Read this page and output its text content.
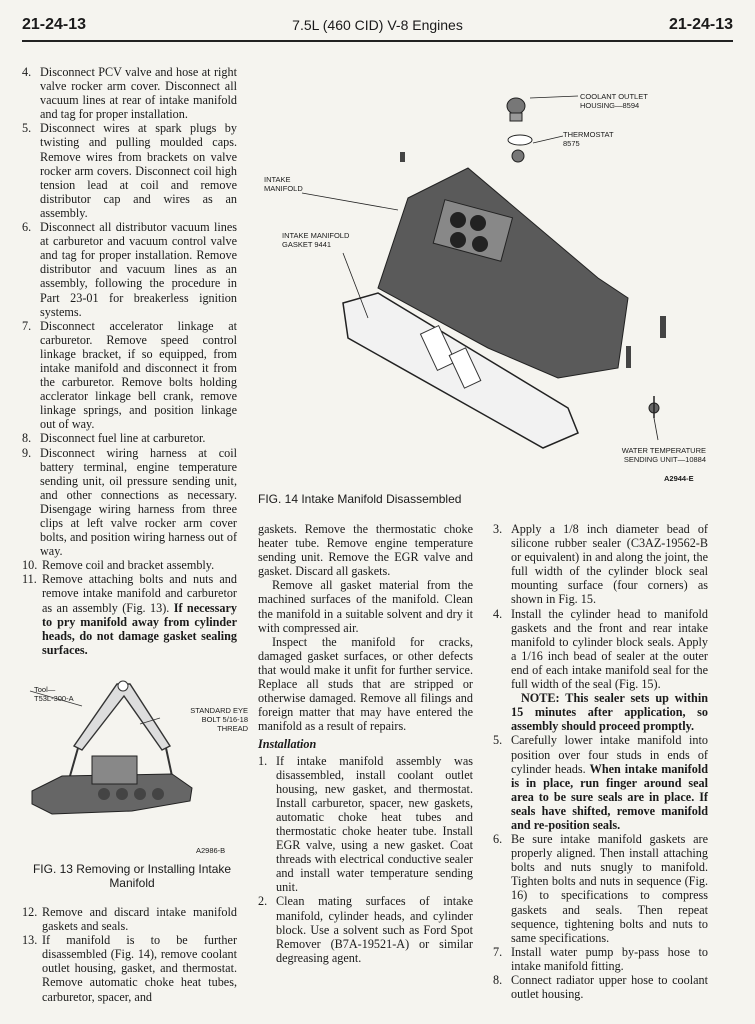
21-24-13	7.5L (460 CID) V-8 Engines	21-24-13
4. Disconnect PCV valve and hose at right valve rocker arm cover. Disconnect all vacuum lines at rear of intake manifold and tag for proper installation.
5. Disconnect wires at spark plugs by twisting and pulling moulded caps. Remove wires from brackets on valve rocker arm covers. Disconnect coil high tension lead at coil and remove distributor cap and wires as an assembly.
6. Disconnect all distributor vacuum lines at carburetor and vacuum control valve and tag for proper installation. Remove distributor and vacuum lines as an assembly, following the procedure in Part 23-01 for breakerless ignition systems.
7. Disconnect accelerator linkage at carburetor. Remove speed control linkage bracket, if so equipped, from intake manifold and disconnect it from the carburetor. Remove bolts holding acclerator linkage bell crank, remove linkage springs, and position linkage out of way.
8. Disconnect fuel line at carburetor.
9. Disconnect wiring harness at coil battery terminal, engine temperature sending unit, oil pressure sending unit, and other connections as necessary. Disengage wiring harness from three clips at left valve rocker arm cover bolts, and position wiring harness out of way.
10. Remove coil and bracket assembly.
11. Remove attaching bolts and nuts and remove intake manifold and carburetor as an assembly (Fig. 13). If necessary to pry manifold away from cylinder heads, do not damage gasket sealing surfaces.
Tool—
T53L-300-A
STANDARD EYE
BOLT 5/16-18
THREAD
A2986-B
FIG. 13 Removing or Installing Intake
Manifold
12. Remove and discard intake manifold gaskets and seals.
13. If manifold is to be further disassembled (Fig. 14), remove coolant outlet housing, gasket, and thermostat. Remove automatic choke heat tubes, carburetor, spacer, and
COOLANT OUTLET
HOUSING—8594
THERMOSTAT
8575
INTAKE
MANIFOLD
INTAKE MANIFOLD
GASKET 9441
WATER TEMPERATURE
SENDING UNIT—10884
A2944-E
FIG. 14 Intake Manifold Disassembled

gaskets. Remove the thermostatic choke heater tube. Remove engine temperature sending unit. Remove the EGR valve and gasket. Discard all gaskets.

Remove all gasket material from the machined surfaces of the manifold. Clean the manifold in a suitable solvent and dry it with compressed air.

Inspect the manifold for cracks, damaged gasket surfaces, or other defects that would make it unfit for further service. Replace all studs that are stripped or otherwise damaged. Remove all filings and foreign matter that may have entered the manifold as a result of repairs.

Installation
1. If intake manifold assembly was disassembled, install coolant outlet housing, new gasket, and thermostat. Install carburetor, spacer, new gaskets, automatic choke heat tubes and thermostatic choke heater tube. Install EGR valve, using a new gasket. Coat threads with electrical conductive sealer and install water temperature sending unit.
2. Clean mating surfaces of intake manifold, cylinder heads, and cylinder block. Use a solvent such as Ford Spot Remover (B7A-19521-A) or similar degreasing agent.
3. Apply a 1/8 inch diameter bead of silicone rubber sealer (C3AZ-19562-B or equivalent) in and along the joint, the full width of the cylinder block seal mounting surface (four corners) as shown in Fig. 15.
4. Install the cylinder head to manifold gaskets and the front and rear intake manifold to cylinder block seals. Apply a 1/16 inch bead of sealer at the outer end of each intake manifold seal for the full width of the seal (Fig. 15).
NOTE: This sealer sets up within 15 minutes after application, so assembly should proceed promptly.
5. Carefully lower intake manifold into position over four studs in ends of cylinder heads. When intake manifold is in place, run finger around seal area to be sure seals are in place. If seals have shifted, remove manifold and re-position seals.
6. Be sure intake manifold gaskets are properly aligned. Then install attaching bolts and nuts snugly to manifold. Tighten bolts and nuts in sequence (Fig. 16) to specifications to compress gaskets and seals. Then repeat sequence, tightening bolts and nuts to same specifications.
7. Install water pump by-pass hose to intake manifold fitting.
8. Connect radiator upper hose to coolant outlet housing.
